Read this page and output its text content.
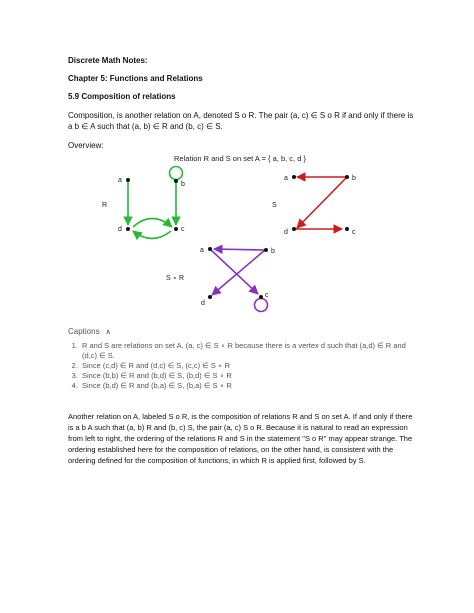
Discrete Math Notes:
Chapter 5: Functions and Relations
5.9 Composition of relations
Composition, is another relation on A, denoted S o R. The pair (a, c) ∈ S o R if and only if there is a b ∈ A such that (a, b) ∈ R and (b, c) ∈ S.
Overview:
Relation R and S on set A = { a, b, c, d }
R
a
b
d	c
S
a	b
d	c
S ∘ R
a	b
d
c
Captions ∧
1. R and S are relations on set A. (a, c) ∈ S ∘ R because there is a vertex d such that (a,d) ∈ R and (d,c) ∈ S.
2. Since (c,d) ∈ R and (d,c) ∈ S, (c,c) ∈ S ∘ R
3. Since (b,b) ∈ R and (b,d) ∈ S, (b,d) ∈ S ∘ R
4. Since (b,d) ∈ R and (b,a) ∈ S, (b,a) ∈ S ∘ R
Another relation on A, labeled S o R, is the composition of relations R and S on set A. If and only if there is a b A such that (a, b) R and (b, c) S, the pair (a, c) S o R. Because it is natural to read an expression from left to right, the ordering of the relations R and S in the statement "S o R" may appear strange. The ordering established here for the composition of relations, on the other hand, is consistent with the ordering defined for the composition of functions, in which R is applied first, followed by S.
